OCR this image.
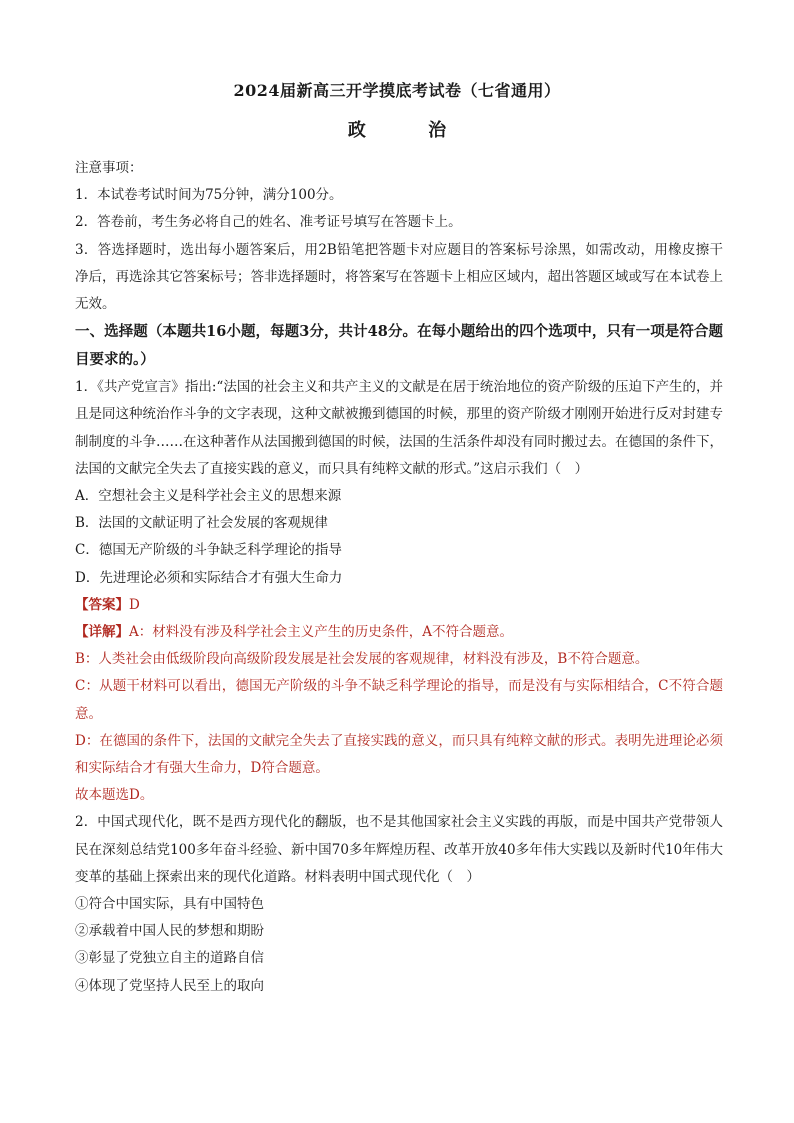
2024届新高三开学摸底考试卷（七省通用）
政 治

注意事项：

1．本试卷考试时间为75分钟，满分100分。

2．答卷前，考生务必将自己的姓名、准考证号填写在答题卡上。

3．答选择题时，选出每小题答案后，用2B铅笔把答题卡对应题目的答案标号涂黑，如需改动，用橡皮擦干净后，再选涂其它答案标号；答非选择题时，将答案写在答题卡上相应区域内，超出答题区域或写在本试卷上无效。

一、选择题（本题共16小题，每题3分，共计48分。在每小题给出的四个选项中，只有一项是符合题目要求的。）

1．《共产党宣言》指出:“法国的社会主义和共产主义的文献是在居于统治地位的资产阶级的压迫下产生的，并且是同这种统治作斗争的文字表现，这种文献被搬到德国的时候，那里的资产阶级才刚刚开始进行反对封建专制制度的斗争……在这种著作从法国搬到德国的时候，法国的生活条件却没有同时搬过去。在德国的条件下，法国的文献完全失去了直接实践的意义，而只具有纯粹文献的形式。”这启示我们（　）

A．空想社会主义是科学社会主义的思想来源

B．法国的文献证明了社会发展的客观规律

C．德国无产阶级的斗争缺乏科学理论的指导

D．先进理论必须和实际结合才有强大生命力

【答案】D

【详解】A：材料没有涉及科学社会主义产生的历史条件，A不符合题意。

B：人类社会由低级阶段向高级阶段发展是社会发展的客观规律，材料没有涉及，B不符合题意。

C：从题干材料可以看出，德国无产阶级的斗争不缺乏科学理论的指导，而是没有与实际相结合，C不符合题意。

D：在德国的条件下，法国的文献完全失去了直接实践的意义，而只具有纯粹文献的形式。表明先进理论必须和实际结合才有强大生命力，D符合题意。

故本题选D。

2．中国式现代化，既不是西方现代化的翻版，也不是其他国家社会主义实践的再版，而是中国共产党带领人民在深刻总结党100多年奋斗经验、新中国70多年辉煌历程、改革开放40多年伟大实践以及新时代10年伟大变革的基础上探索出来的现代化道路。材料表明中国式现代化（　）

①符合中国实际，具有中国特色

②承载着中国人民的梦想和期盼

③彰显了党独立自主的道路自信

④体现了党坚持人民至上的取向
